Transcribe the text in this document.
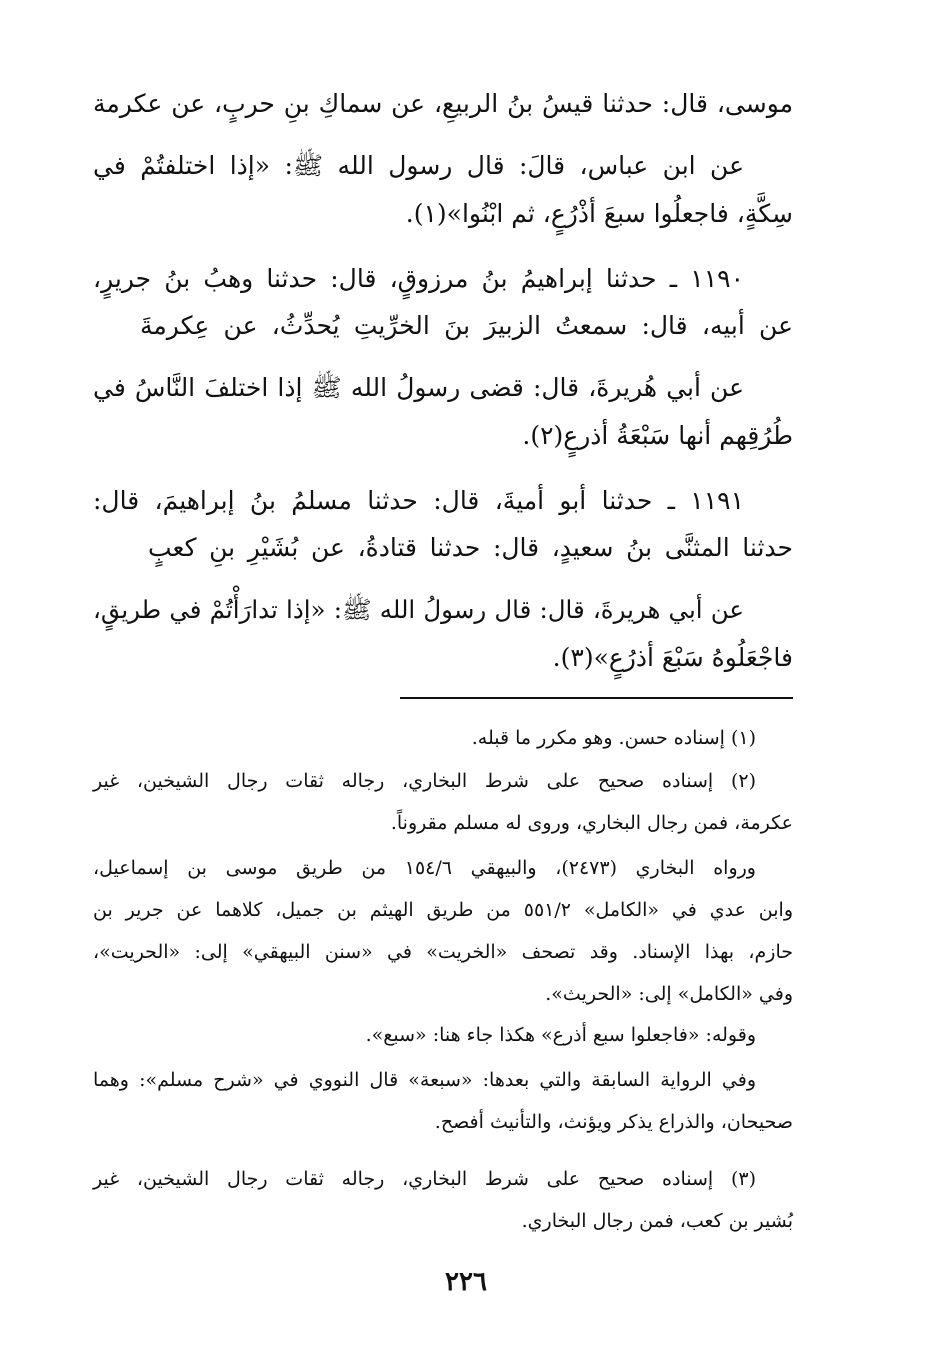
موسى، قال: حدثنا قيسُ بنُ الربيعِ، عن سماكِ بنِ حربٍ، عن عكرمة
عن ابن عباس، قالَ: قال رسول الله ﷺ: «إذا اختلفتُمْ في
سِكَّةٍ، فاجعلُوا سبعَ أذْرُعٍ، ثم ابْنُوا»(١).
١١٩٠ ـ حدثنا إبراهيمُ بنُ مرزوقٍ، قال: حدثنا وهبُ بنُ جريرٍ،
عن أبيه، قال: سمعتُ الزبيرَ بنَ الخرِّيتِ يُحدِّثُ، عن عِكرمةَ
عن أبي هُريرةَ، قال: قضى رسولُ الله ﷺ إذا اختلفَ النَّاسُ في
طُرُقِهم أنها سَبْعَةُ أذرعٍ(٢).
١١٩١ ـ حدثنا أبو أميةَ، قال: حدثنا مسلمُ بنُ إبراهيمَ، قال:
حدثنا المثنَّى بنُ سعيدٍ، قال: حدثنا قتادةُ، عن بُشَيْرِ بنِ كعبٍ
عن أبي هريرةَ، قال: قال رسولُ الله ﷺ: «إذا تدارَأْتُمْ في طريقٍ،
فاجْعَلُوهُ سَبْعَ أذرُعٍ»(٣).
(١) إسناده حسن. وهو مكرر ما قبله.
(٢) إسناده صحيح على شرط البخاري، رجاله ثقات رجال الشيخين، غير
عكرمة، فمن رجال البخاري، وروى له مسلم مقروناً.
ورواه البخاري (٢٤٧٣)، والبيهقي ١٥٤/٦ من طريق موسى بن إسماعيل،
وابن عدي في «الكامل» ٥٥١/٢ من طريق الهيثم بن جميل، كلاهما عن جرير بن
حازم، بهذا الإسناد. وقد تصحف «الخريت» في «سنن البيهقي» إلى: «الحريت»،
وفي «الكامل» إلى: «الحريث».
وقوله: «فاجعلوا سبع أذرع» هكذا جاء هنا: «سبع».
وفي الرواية السابقة والتي بعدها: «سبعة» قال النووي في «شرح مسلم»: وهما
صحيحان، والذراع يذكر ويؤنث، والتأنيث أفصح.
(٣) إسناده صحيح على شرط البخاري، رجاله ثقات رجال الشيخين، غير
بُشير بن كعب، فمن رجال البخاري.
٢٢٦
